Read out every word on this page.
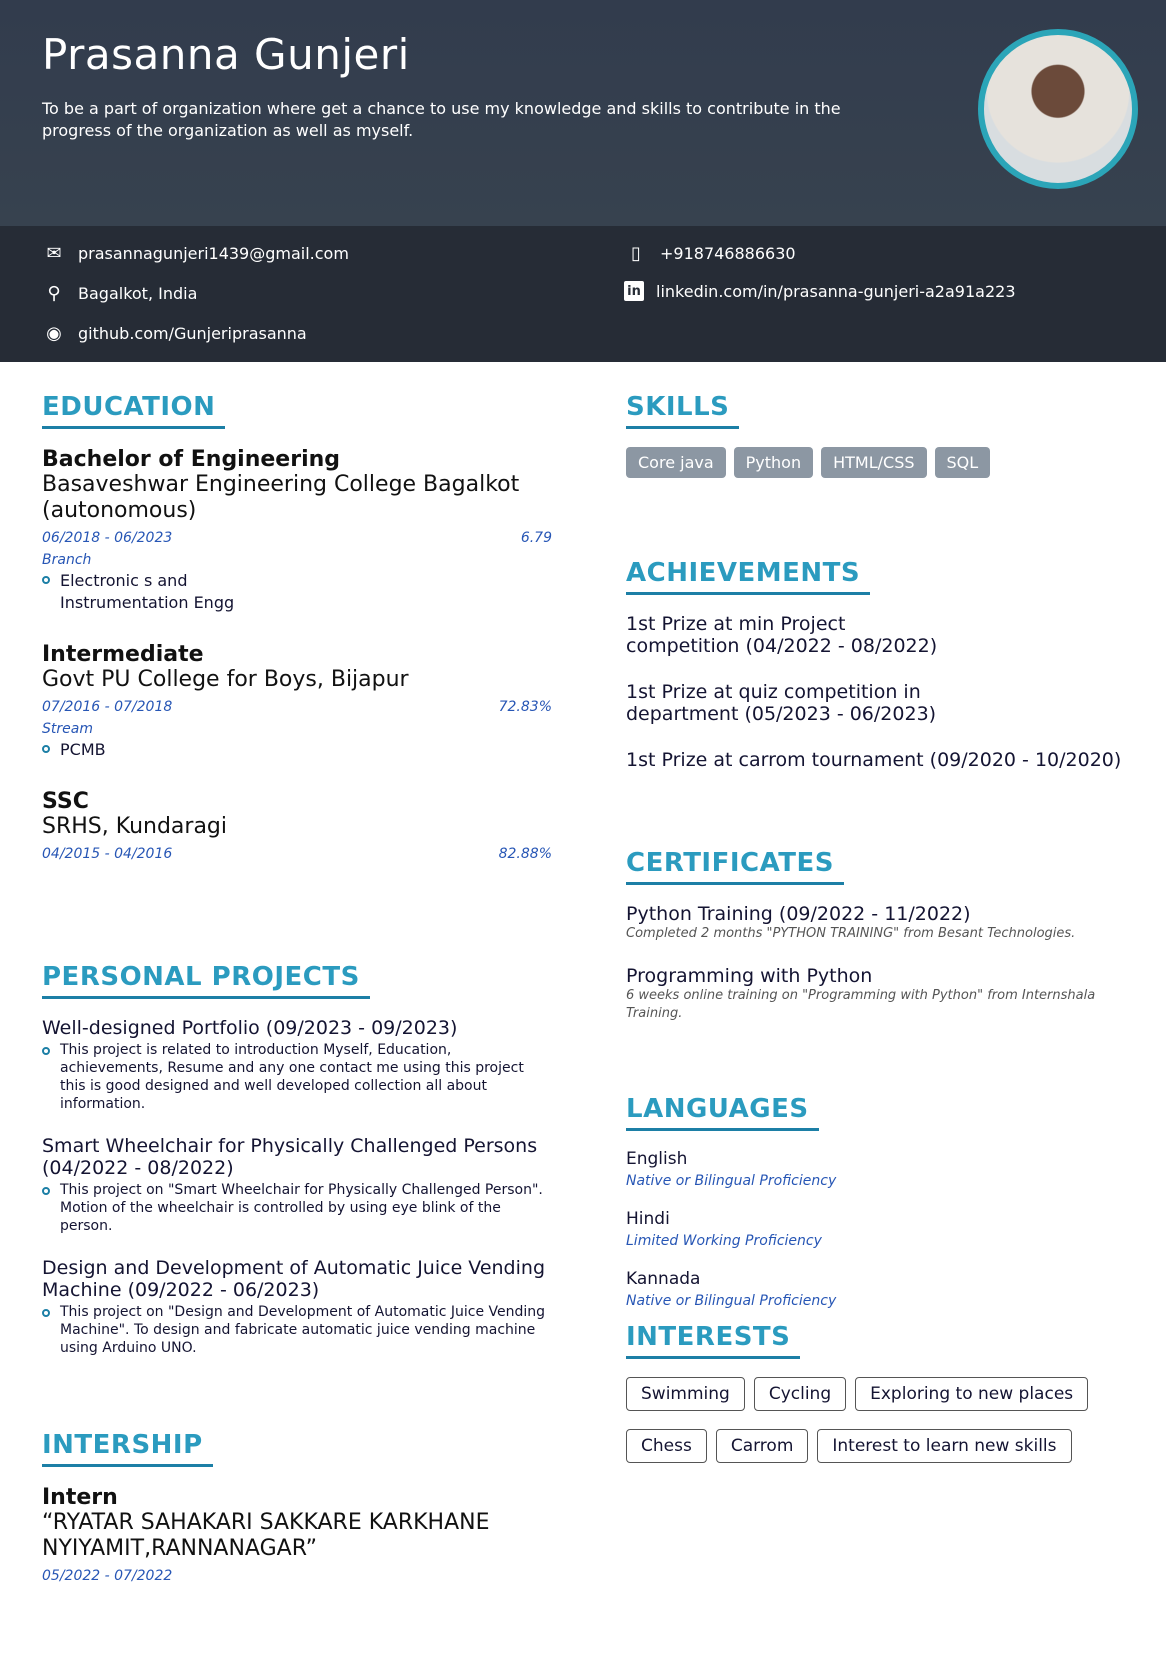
Prasanna Gunjeri
To be a part of organization where get a chance to use my knowledge and skills to contribute in the progress of the organization as well as myself.
✉ prasannagunjeri1439@gmail.com
⚲	Bagalkot, India
◉ github.com/Gunjeriprasanna
▯	+918746886630
in linkedin.com/in/prasanna-gunjeri-a2a91a223
EDUCATION
Bachelor of Engineering
Basaveshwar Engineering College Bagalkot (autonomous)
06/2018 - 06/2023	6.79
Branch
Electronic s and Instrumentation Engg
Intermediate
Govt PU College for Boys, Bijapur
07/2016 - 07/2018	72.83%
Stream
PCMB
SSC
SRHS, Kundaragi
04/2015 - 04/2016	82.88%
PERSONAL PROJECTS
Well-designed Portfolio (09/2023 - 09/2023)
This project is related to introduction Myself, Education, achievements, Resume and any one contact me using this project this is good designed and well developed collection all about information.
Smart Wheelchair for Physically Challenged Persons (04/2022 - 08/2022)
This project on "Smart Wheelchair for Physically Challenged Person". Motion of the wheelchair is controlled by using eye blink of the person.
Design and Development of Automatic Juice Vending Machine (09/2022 - 06/2023)
This project on "Design and Development of Automatic Juice Vending Machine". To design and fabricate automatic juice vending machine using Arduino UNO.
INTERSHIP
Intern
“RYATAR SAHAKARI SAKKARE KARKHANE NYIYAMIT,RANNANAGAR”
05/2022 - 07/2022
SKILLS
Core java Python HTML/CSS SQL
ACHIEVEMENTS
1st Prize at min Project competition (04/2022 - 08/2022)
1st Prize at quiz competition in department (05/2023 - 06/2023)
1st Prize at carrom tournament (09/2020 - 10/2020)
CERTIFICATES
Python Training (09/2022 - 11/2022)
Completed 2 months "PYTHON TRAINING" from Besant Technologies.
Programming with Python
6 weeks online training on "Programming with Python" from Internshala Training.
LANGUAGES

English
Native or Bilingual Proficiency
Hindi
Limited Working Proficiency

Kannada
Native or Bilingual Proficiency
INTERESTS
Swimming Cycling Exploring to new places
Chess Carrom Interest to learn new skills
